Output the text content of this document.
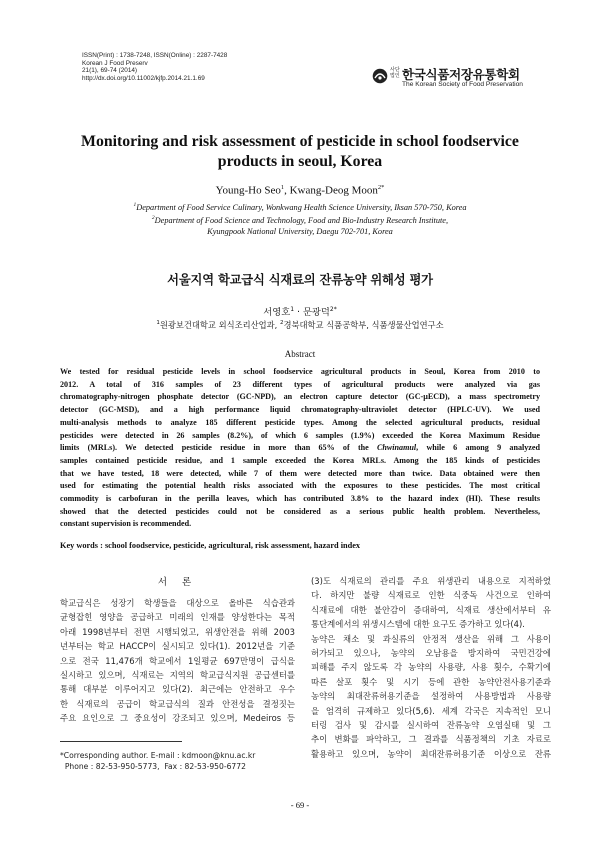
ISSN(Print) : 1738-7248, ISSN(Online) : 2287-7428
Korean J Food Preserv
21(1), 69-74 (2014)
http://dx.doi.org/10.11002/kjfp.2014.21.1.69
사단
법인 한국식품저장유통학회
The Korean Society of Food Preservation
Monitoring and risk assessment of pesticide in school foodservice
products in seoul, Korea
Young-Ho Seo$^1$, Kwang-Deog Moon$^{2*}$
$^1$Department of Food Service Culinary, Wonkwang Health Science University, Iksan 570-750, Korea
$^2$Department of Food Science and Technology, Food and Bio-Industry Research Institute,
Kyungpook National University, Daegu 702-701, Korea
서울지역 학교급식 식재료의 잔류농약 위해성 평가
서영호$^1$ · 문광덕$^{2*}$
$^1$원광보건대학교 외식조리산업과, $^2$경북대학교 식품공학부, 식품생물산업연구소
Abstract
We tested for residual pesticide levels in school foodservice agricultural products in Seoul, Korea from 2010 to
2012. A total of 316 samples of 23 different types of agricultural products were analyzed via gas
chromatography-nitrogen phosphate detector (GC-NPD), an electron capture detector (GC-μECD), a mass spectrometry
detector (GC-MSD), and a high performance liquid chromatography-ultraviolet detector (HPLC-UV). We used
multi-analysis methods to analyze 185 different pesticide types. Among the selected agricultural products, residual
pesticides were detected in 26 samples (8.2%), of which 6 samples (1.9%) exceeded the Korea Maximum Residue
limits (MRLs). We detected pesticide residue in more than 65% of the Chwinamul, while 6 among 9 analyzed
samples contained pesticide residue, and 1 sample exceeded the Korea MRLs. Among the 185 kinds of pesticides
that we have tested, 18 were detected, while 7 of them were detected more than twice. Data obtained were then
used for estimating the potential health risks associated with the exposures to these pesticides. The most critical
commodity is carbofuran in the perilla leaves, which has contributed 3.8% to the hazard index (HI). These results
showed that the detected pesticides could not be considered as a serious public health problem. Nevertheless,
constant supervision is recommended.
Key words : school foodservice, pesticide, agricultural, risk assessment, hazard index
서 론
학교급식은 성장기 학생들을 대상으로 올바른 식습관과
균형잡힌 영양을 공급하고 미래의 인재를 양성한다는 목적
아래 1998년부터 전면 시행되었고, 위생안전을 위해 2003
년부터는 학교 HACCP이 실시되고 있다(1). 2012년을 기준
으로 전국 11,476개 학교에서 1일평균 697만명이 급식을
실시하고 있으며, 식재료는 지역의 학교급식지원 공급센터를
통해 대부분 이루어지고 있다(2). 최근에는 안전하고 우수
한 식재료의 공급이 학교급식의 질과 안전성을 결정짓는
주요 요인으로 그 중요성이 강조되고 있으며, Medeiros 등
(3)도 식재료의 관리를 주요 위생관리 내용으로 지적하였
다. 하지만 불량 식재료로 인한 식중독 사건으로 인하여
식재료에 대한 불안감이 증대하여, 식재료 생산에서부터 유
통단계에서의 위생시스템에 대한 요구도 증가하고 있다(4).
농약은 채소 및 과실류의 안정적 생산을 위해 그 사용이
허가되고 있으나, 농약의 오남용을 방지하여 국민건강에
피해를 주지 않도록 각 농약의 사용량, 사용 횟수, 수확기에
따른 살포 횟수 및 시기 등에 관한 농약안전사용기준과
농약의 최대잔류허용기준을 설정하여 사용방법과 사용량
을 엄격히 규제하고 있다(5,6). 세계 각국은 지속적인 모니
터링 검사 및 감시를 실시하여 잔류농약 오염실태 및 그
추이 변화를 파악하고, 그 결과를 식품정책의 기초 자료로
활용하고 있으며, 농약이 최대잔류허용기준 이상으로 잔류
*Corresponding author. E-mail : kdmoon@knu.ac.kr
Phone : 82-53-950-5773,  Fax : 82-53-950-6772
- 69 -
